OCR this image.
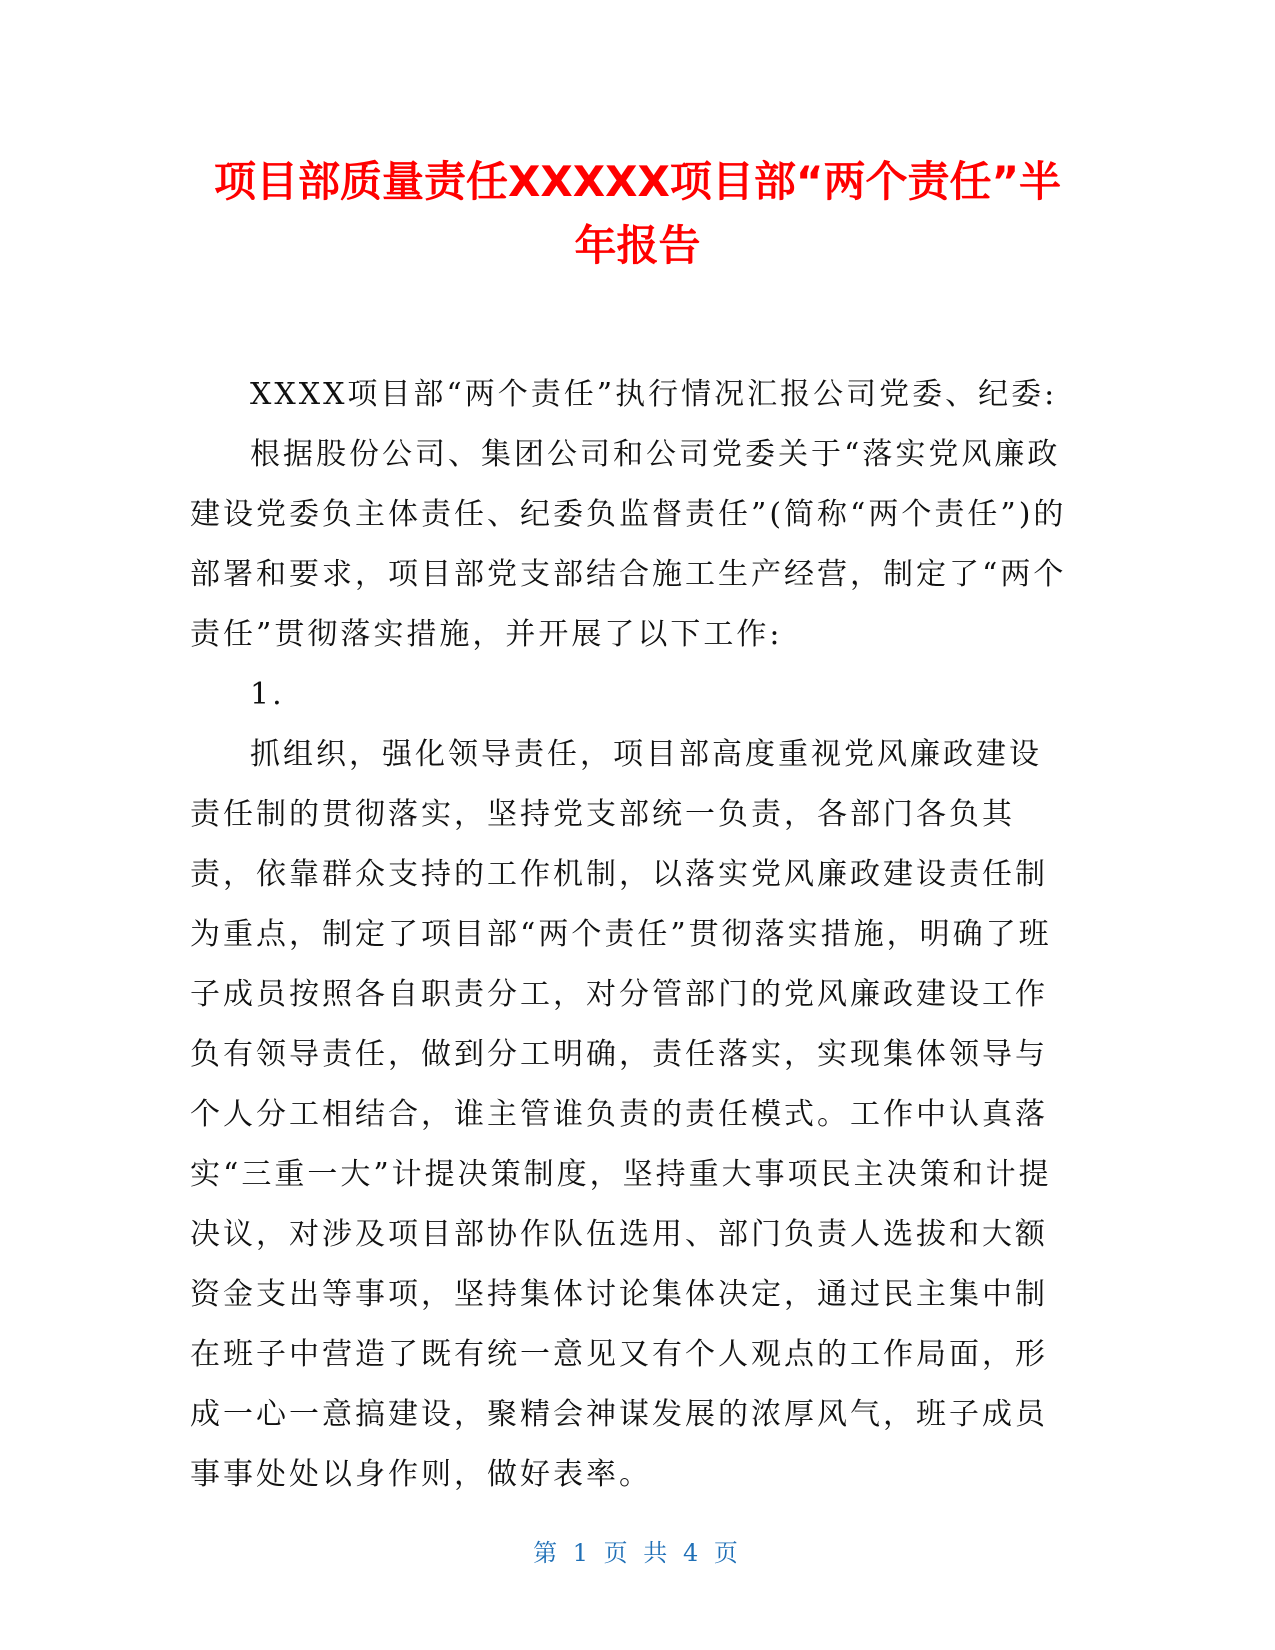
项目部质量责任XXXXX项目部“两个责任”半
年报告

XXXX项目部“两个责任”执行情况汇报公司党委、纪委:

根据股份公司、集团公司和公司党委关于“落实党风廉政建设党委负主体责任、纪委负监督责任”(简称“两个责任”)的部署和要求，项目部党支部结合施工生产经营，制定了“两个责任”贯彻落实措施，并开展了以下工作:

1.

抓组织，强化领导责任，项目部高度重视党风廉政建设责任制的贯彻落实，坚持党支部统一负责，各部门各负其责，依靠群众支持的工作机制，以落实党风廉政建设责任制为重点，制定了项目部“两个责任”贯彻落实措施，明确了班子成员按照各自职责分工，对分管部门的党风廉政建设工作负有领导责任，做到分工明确，责任落实，实现集体领导与个人分工相结合，谁主管谁负责的责任模式。工作中认真落实“三重一大”计提决策制度，坚持重大事项民主决策和计提决议，对涉及项目部协作队伍选用、部门负责人选拔和大额资金支出等事项，坚持集体讨论集体决定，通过民主集中制在班子中营造了既有统一意见又有个人观点的工作局面，形成一心一意搞建设，聚精会神谋发展的浓厚风气，班子成员事事处处以身作则，做好表率。

第 1 页 共 4 页
